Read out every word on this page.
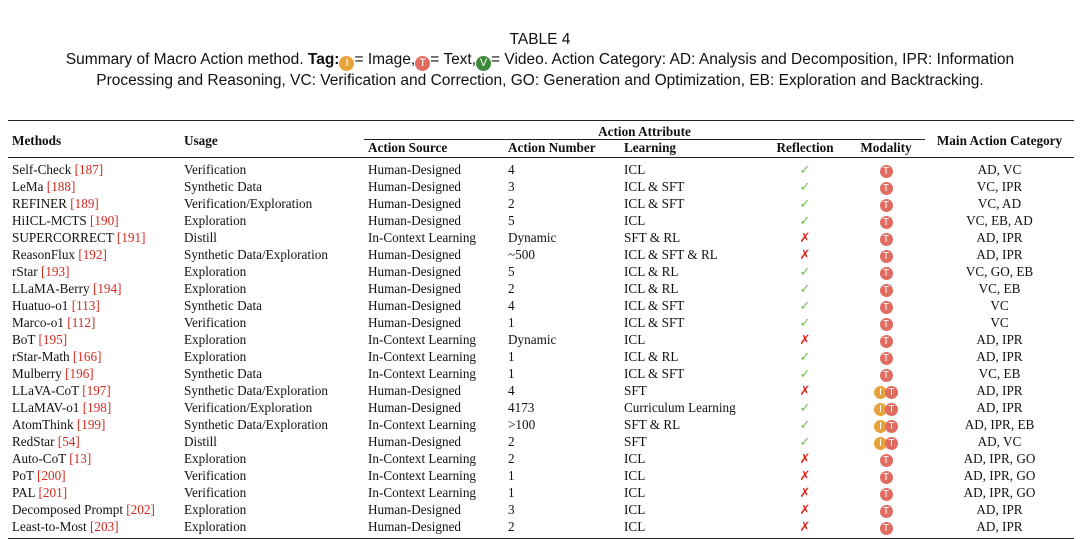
TABLE 4
Summary of Macro Action method. Tag: I = Image, T = Text, V = Video. Action Category: AD: Analysis and Decomposition, IPR: Information
Processing and Reasoning, VC: Verification and Correction, GO: Generation and Optimization, EB: Exploration and Backtracking.
Methods	Usage	Action Attribute					Main Action Category
		Action Source	Action Number	Learning	Reflection	Modality	
Self-Check [187]	Verification	Human-Designed	4	ICL	✓	T	AD, VC
LeMa [188]	Synthetic Data	Human-Designed	3	ICL & SFT	✓	T	VC, IPR
REFINER [189]	Verification/Exploration	Human-Designed	2	ICL & SFT	✓	T	VC, AD
HiICL-MCTS [190]	Exploration	Human-Designed	5	ICL	✓	T	VC, EB, AD
SUPERCORRECT [191]	Distill	In-Context Learning	Dynamic	SFT & RL	✗	T	AD, IPR
ReasonFlux [192]	Synthetic Data/Exploration	Human-Designed	~500	ICL & SFT & RL	✗	T	AD, IPR
rStar [193]	Exploration	Human-Designed	5	ICL & RL	✓	T	VC, GO, EB
LLaMA-Berry [194]	Exploration	Human-Designed	2	ICL & RL	✓	T	VC, EB
Huatuo-o1 [113]	Synthetic Data	Human-Designed	4	ICL & SFT	✓	T	VC
Marco-o1 [112]	Verification	Human-Designed	1	ICL & SFT	✓	T	VC
BoT [195]	Exploration	In-Context Learning	Dynamic	ICL	✗	T	AD, IPR
rStar-Math [166]	Exploration	In-Context Learning	1	ICL & RL	✓	T	AD, IPR
Mulberry [196]	Synthetic Data	In-Context Learning	1	ICL & SFT	✓	T	VC, EB
LLaVA-CoT [197]	Synthetic Data/Exploration	Human-Designed	4	SFT	✗	I T	AD, IPR
LLaMAV-o1 [198]	Verification/Exploration	Human-Designed	4173	Curriculum Learning	✓	I T	AD, IPR
AtomThink [199]	Synthetic Data/Exploration	In-Context Learning	>100	SFT & RL	✓	I T	AD, IPR, EB
RedStar [54]	Distill	Human-Designed	2	SFT	✓	I T	AD, VC
Auto-CoT [13]	Exploration	In-Context Learning	2	ICL	✗	T	AD, IPR, GO
PoT [200]	Verification	In-Context Learning	1	ICL	✗	T	AD, IPR, GO
PAL [201]	Verification	In-Context Learning	1	ICL	✗	T	AD, IPR, GO
Decomposed Prompt [202]	Exploration	Human-Designed	3	ICL	✗	T	AD, IPR
Least-to-Most [203]	Exploration	Human-Designed	2	ICL	✗	T	AD, IPR
